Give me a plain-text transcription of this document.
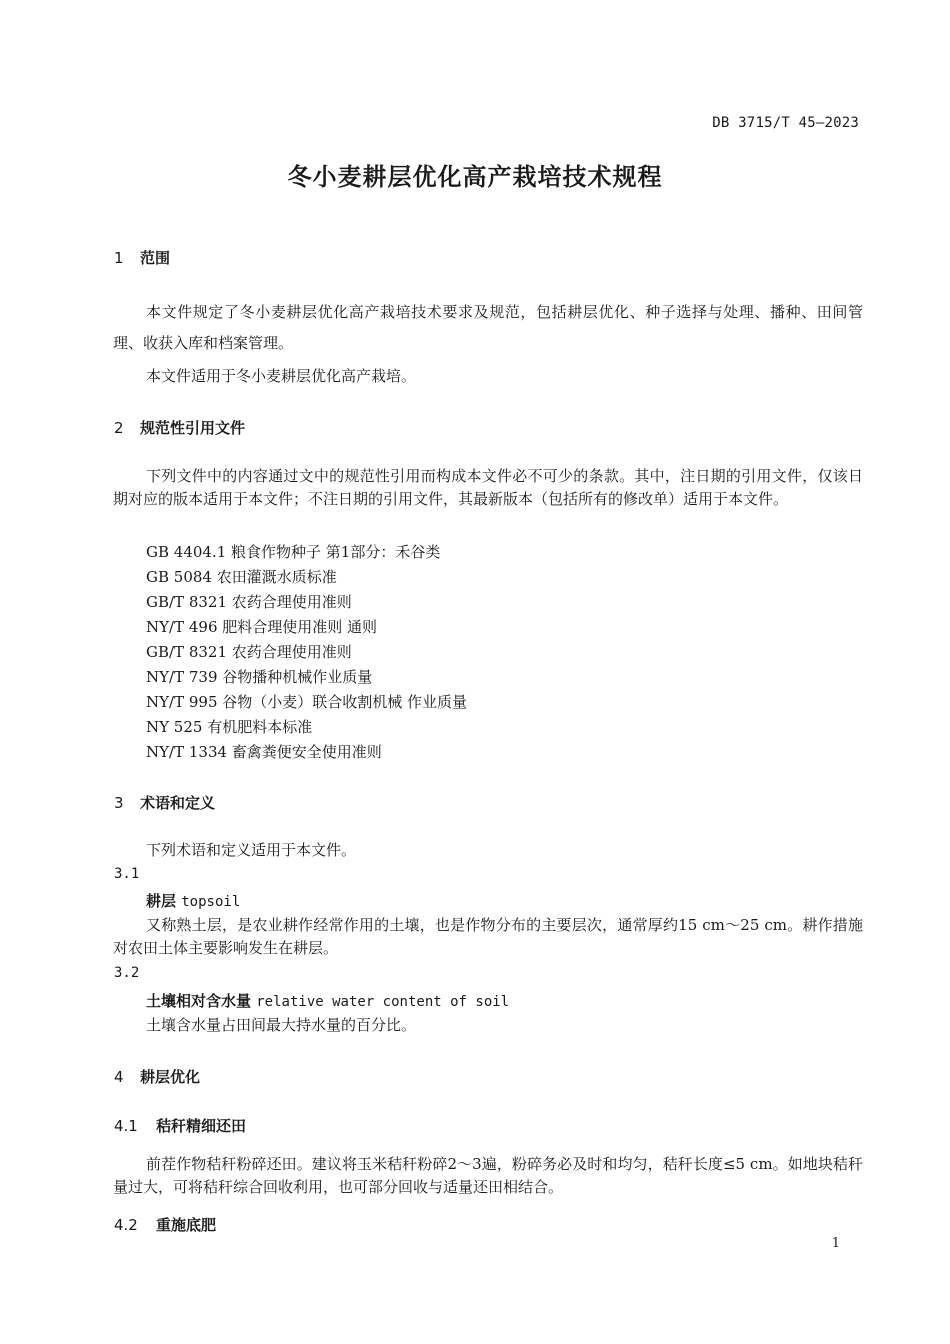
DB 3715/T 45—2023
冬小麦耕层优化高产栽培技术规程
1 范围
本文件规定了冬小麦耕层优化高产栽培技术要求及规范，包括耕层优化、种子选择与处理、播种、田间管理、收获入库和档案管理。
本文件适用于冬小麦耕层优化高产栽培。
2 规范性引用文件
下列文件中的内容通过文中的规范性引用而构成本文件必不可少的条款。其中，注日期的引用文件，仅该日期对应的版本适用于本文件；不注日期的引用文件，其最新版本（包括所有的修改单）适用于本文件。
GB 4404.1 粮食作物种子 第1部分：禾谷类
GB 5084 农田灌溉水质标准
GB/T 8321 农药合理使用准则
NY/T 496 肥料合理使用准则 通则
GB/T 8321 农药合理使用准则
NY/T 739 谷物播种机械作业质量
NY/T 995 谷物（小麦）联合收割机械 作业质量
NY 525 有机肥料本标准
NY/T 1334 畜禽粪便安全使用准则
3 术语和定义
下列术语和定义适用于本文件。
3.1
耕层 topsoil
又称熟土层，是农业耕作经常作用的土壤，也是作物分布的主要层次，通常厚约15 cm～25 cm。耕作措施对农田土体主要影响发生在耕层。
3.2
土壤相对含水量 relative water content of soil
土壤含水量占田间最大持水量的百分比。
4 耕层优化
4.1 秸秆精细还田
前茬作物秸秆粉碎还田。建议将玉米秸秆粉碎2～3遍，粉碎务必及时和均匀，秸秆长度≤5 cm。如地块秸秆量过大，可将秸秆综合回收利用，也可部分回收与适量还田相结合。
4.2 重施底肥
1
